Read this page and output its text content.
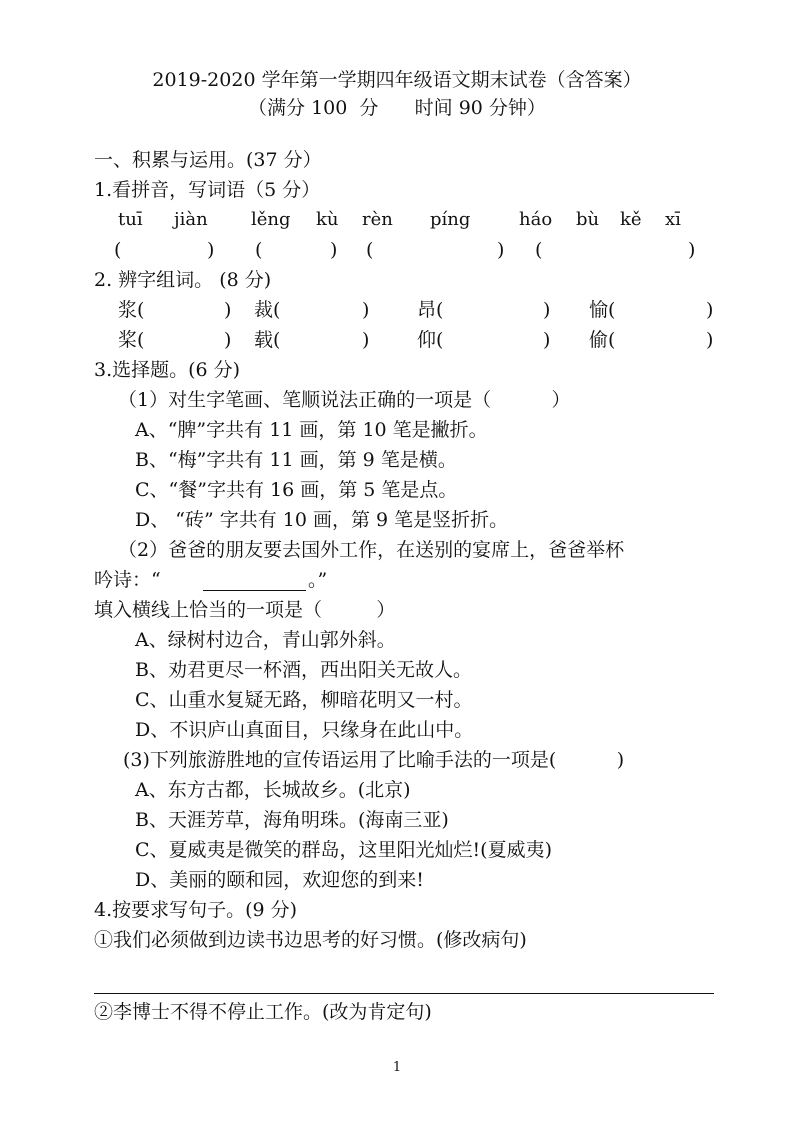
2019-2020 学年第一学期四年级语文期末试卷（含答案）
（满分 100  分      时间 90 分钟）
一、积累与运用。(37 分）
1.看拼音，写词语（5 分）
tuī jiàn lěng kù rèn píng	háo bù kě xī
(	) (	) (	) (	)
2. 辨字组词。 (8 分)
浆(	) 裁(	)	昂(	) 愉(	)
桨(	) 载(	)	仰(	) 偷(	)
3.选择题。(6 分)
（1）对生字笔画、笔顺说法正确的一项是（          ）
A、“脾”字共有 11 画，第 10 笔是撇折。
B、“梅”字共有 11 画，第 9 笔是横。
C、“餐”字共有 16 画，第 5 笔是点。
D、 “砖” 字共有 10 画，第 9 笔是竖折折。
（2）爸爸的朋友要去国外工作，在送别的宴席上，爸爸举杯
吟诗：“	。”
填入横线上恰当的一项是（         ）
A、绿树村边合，青山郭外斜。
B、劝君更尽一杯酒，西出阳关无故人。
C、山重水复疑无路，柳暗花明又一村。
D、不识庐山真面目，只缘身在此山中。
(3)下列旅游胜地的宣传语运用了比喻手法的一项是(          )
A、东方古都，长城故乡。(北京)
B、天涯芳草，海角明珠。(海南三亚)
C、夏威夷是微笑的群岛，这里阳光灿烂!(夏威夷)
D、美丽的颐和园，欢迎您的到来!
4.按要求写句子。(9 分)
①我们必须做到边读书边思考的好习惯。(修改病句)
②李博士不得不停止工作。(改为肯定句)
1
